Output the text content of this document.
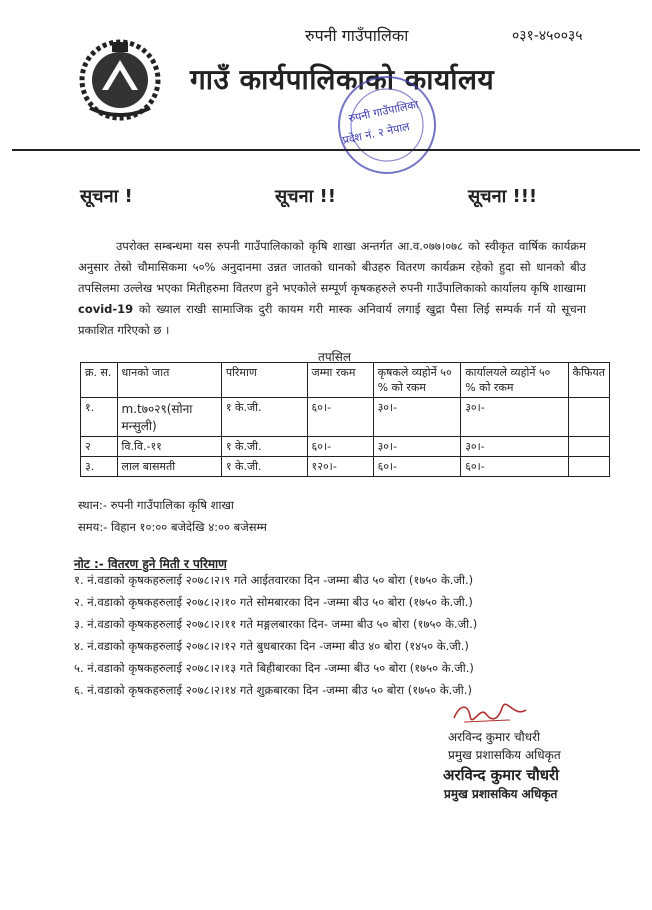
रुपनी गाउँपालिका	०३१-४५००३५
गाउँ कार्यपालिकाको कार्यालय
रुपनी गाउँपालिका
प्रदेश नं. २ नेपाल
सूचना !	सूचना !!	सूचना !!!
उपरोक्त सम्बन्धमा यस रुपनी गाउँपालिकाको कृषि शाखा अन्तर्गत आ.व.०७७।०७८ को स्वीकृत वार्षिक कार्यक्रम अनुसार तेस्रो चौमासिकमा ५०% अनुदानमा उन्नत जातको धानको बीउहरु वितरण कार्यक्रम रहेको हुदा सो धानको बीउ तपसिलमा उल्लेख भएका मितीहरुमा वितरण हुने भएकोले सम्पूर्ण कृषकहरुले रुपनी गाउँपालिकाको कार्यालय कृषि शाखामा covid-19 को ख्याल राखी सामाजिक दुरी कायम गरी मास्क अनिवार्य लगाई खुद्रा पैसा लिई सम्पर्क गर्न यो सूचना प्रकाशित गरिएको छ ।
तपसिल
क्र. स.	धानको जात	परिमाण	जम्मा रकम	कृषकले व्यहोर्ने ५० % को रकम	कार्यालयले व्यहोर्ने ५० % को रकम	कैफियत
१.	m.t७०२९(सोना मन्सुली)	१ के.जी.	६०।-	३०।-	३०।-	
२	वि.वि.-११	१ के.जी.	६०।-	३०।-	३०।-	
३.	लाल बासमती	१ के.जी.	१२०।-	६०।-	६०।-	
स्थान:- रुपनी गाउँपालिका कृषि शाखा
समय:- विहान १०:०० बजेदेखि ४:०० बजेसम्म
नोट :- वितरण हुने मिती र परिमाण
१. नं.वडाको कृषकहरुलाई २०७८।२।९ गते आईतवारका दिन -जम्मा बीउ ५० बोरा (१७५० के.जी.)
२. नं.वडाको कृषकहरुलाई २०७८।२।१० गते सोमबारका दिन -जम्मा बीउ ५० बोरा (१७५० के.जी.)
३. नं.वडाको कृषकहरुलाई २०७८।२।११ गते मङ्गलबारका दिन- जम्मा बीउ ५० बोरा (१७५० के.जी.)
४. नं.वडाको कृषकहरुलाई २०७८।२।१२ गते बुधबारका दिन -जम्मा बीउ ४० बोरा (१४५० के.जी.)
५. नं.वडाको कृषकहरुलाई २०७८।२।१३ गते बिहीबारका दिन -जम्मा बीउ ५० बोरा (१७५० के.जी.)
६. नं.वडाको कृषकहरुलाई २०७८।२।१४ गते शुक्रबारका दिन -जम्मा बीउ ५० बोरा (१७५० के.जी.)
अरविन्द कुमार चौधरी
प्रमुख प्रशासकिय अधिकृत
अरविन्द कुमार चौधरी
प्रमुख प्रशासकिय अधिकृत
